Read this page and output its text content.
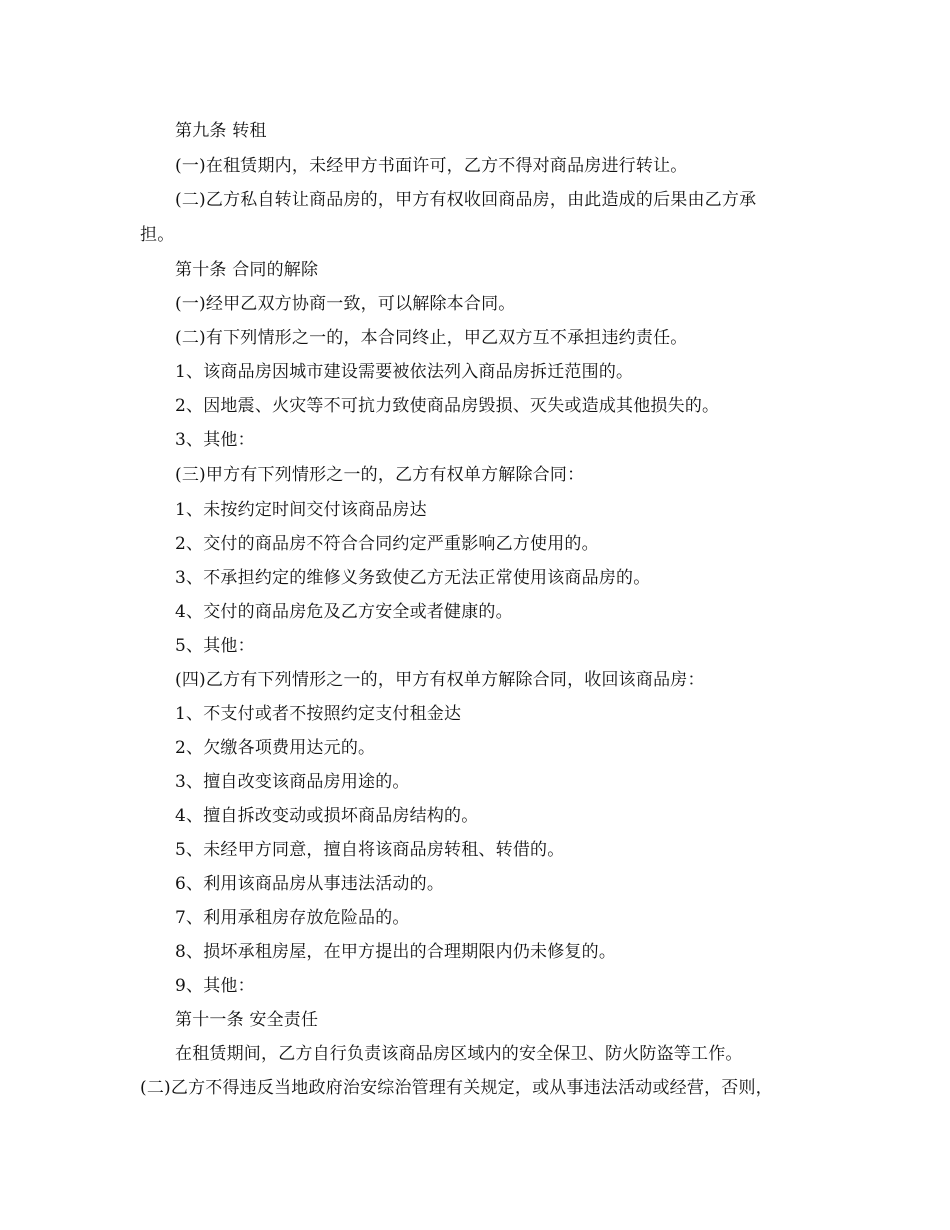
第九条 转租
(一)在租赁期内，未经甲方书面许可，乙方不得对商品房进行转让。
(二)乙方私自转让商品房的，甲方有权收回商品房，由此造成的后果由乙方承
担。
第十条 合同的解除
(一)经甲乙双方协商一致，可以解除本合同。
(二)有下列情形之一的，本合同终止，甲乙双方互不承担违约责任。
1、该商品房因城市建设需要被依法列入商品房拆迁范围的。
2、因地震、火灾等不可抗力致使商品房毁损、灭失或造成其他损失的。
3、其他：
(三)甲方有下列情形之一的，乙方有权单方解除合同：
1、未按约定时间交付该商品房达
2、交付的商品房不符合合同约定严重影响乙方使用的。
3、不承担约定的维修义务致使乙方无法正常使用该商品房的。
4、交付的商品房危及乙方安全或者健康的。
5、其他：
(四)乙方有下列情形之一的，甲方有权单方解除合同，收回该商品房：
1、不支付或者不按照约定支付租金达
2、欠缴各项费用达元的。
3、擅自改变该商品房用途的。
4、擅自拆改变动或损坏商品房结构的。
5、未经甲方同意，擅自将该商品房转租、转借的。
6、利用该商品房从事违法活动的。
7、利用承租房存放危险品的。
8、损坏承租房屋，在甲方提出的合理期限内仍未修复的。
9、其他：
第十一条 安全责任
在租赁期间，乙方自行负责该商品房区域内的安全保卫、防火防盗等工作。
(二)乙方不得违反当地政府治安综治管理有关规定，或从事违法活动或经营，否则，
